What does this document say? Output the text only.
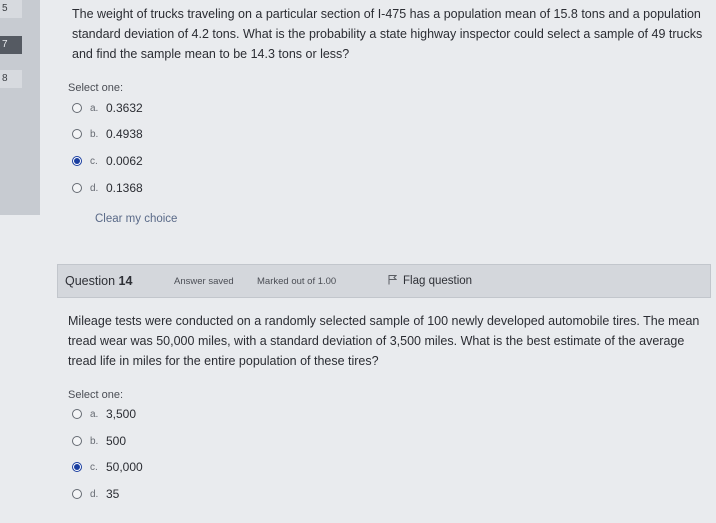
5
7
8
The weight of trucks traveling on a particular section of I-475 has a population mean of 15.8 tons and a population standard deviation of 4.2 tons. What is the probability a state highway inspector could select a sample of 49 trucks and find the sample mean to be 14.3 tons or less?
Select one:
a. 0.3632
b. 0.4938
c. 0.0062
d. 0.1368
Clear my choice
Question 14	Answer saved Marked out of 1.00	Flag question
Mileage tests were conducted on a randomly selected sample of 100 newly developed automobile tires. The mean tread wear was 50,000 miles, with a standard deviation of 3,500 miles. What is the best estimate of the average tread life in miles for the entire population of these tires?
Select one:
a. 3,500
b. 500
c. 50,000
d. 35
